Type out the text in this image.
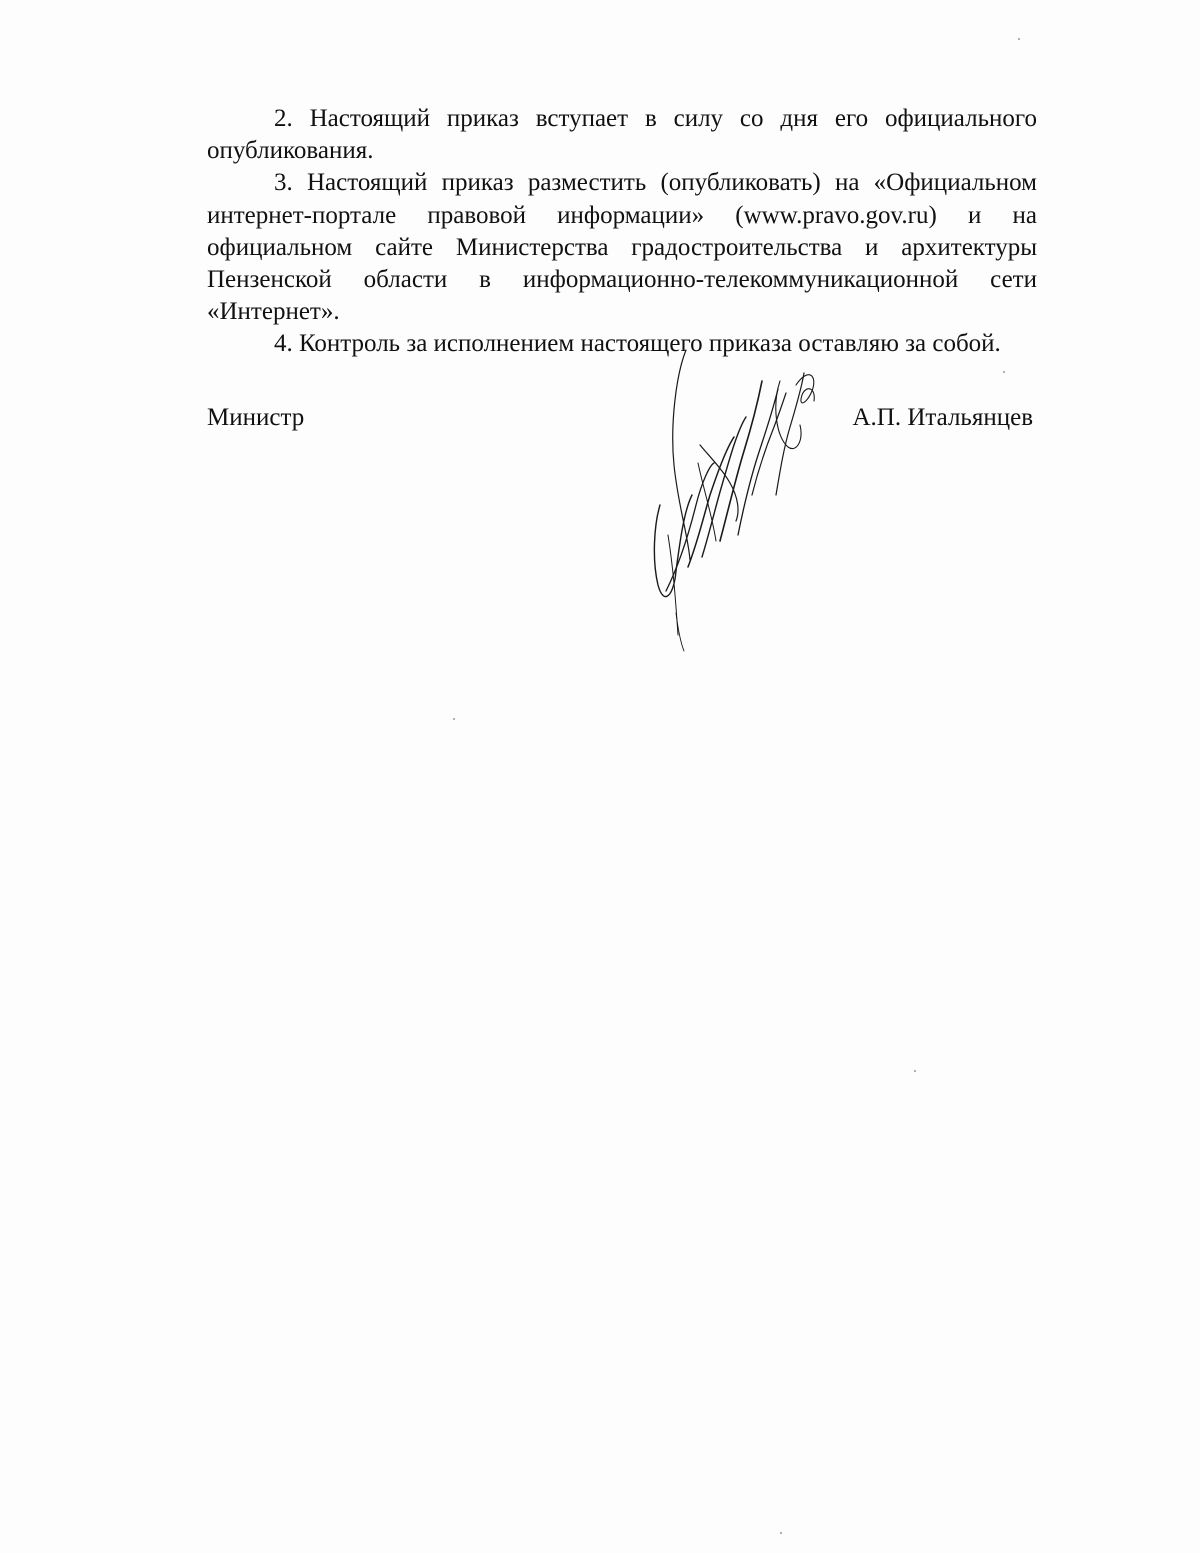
2. Настоящий приказ вступает в силу со дня его официального опубликования.

3. Настоящий приказ разместить (опубликовать) на «Официальном интернет-портале правовой информации» (www.pravo.gov.ru) и на официальном сайте Министерства градостроительства и архитектуры Пензенской области в информационно-телекоммуникационной сети «Интернет».

4. Контроль за исполнением настоящего приказа оставляю за собой.

Министр	А.П. Итальянцев
